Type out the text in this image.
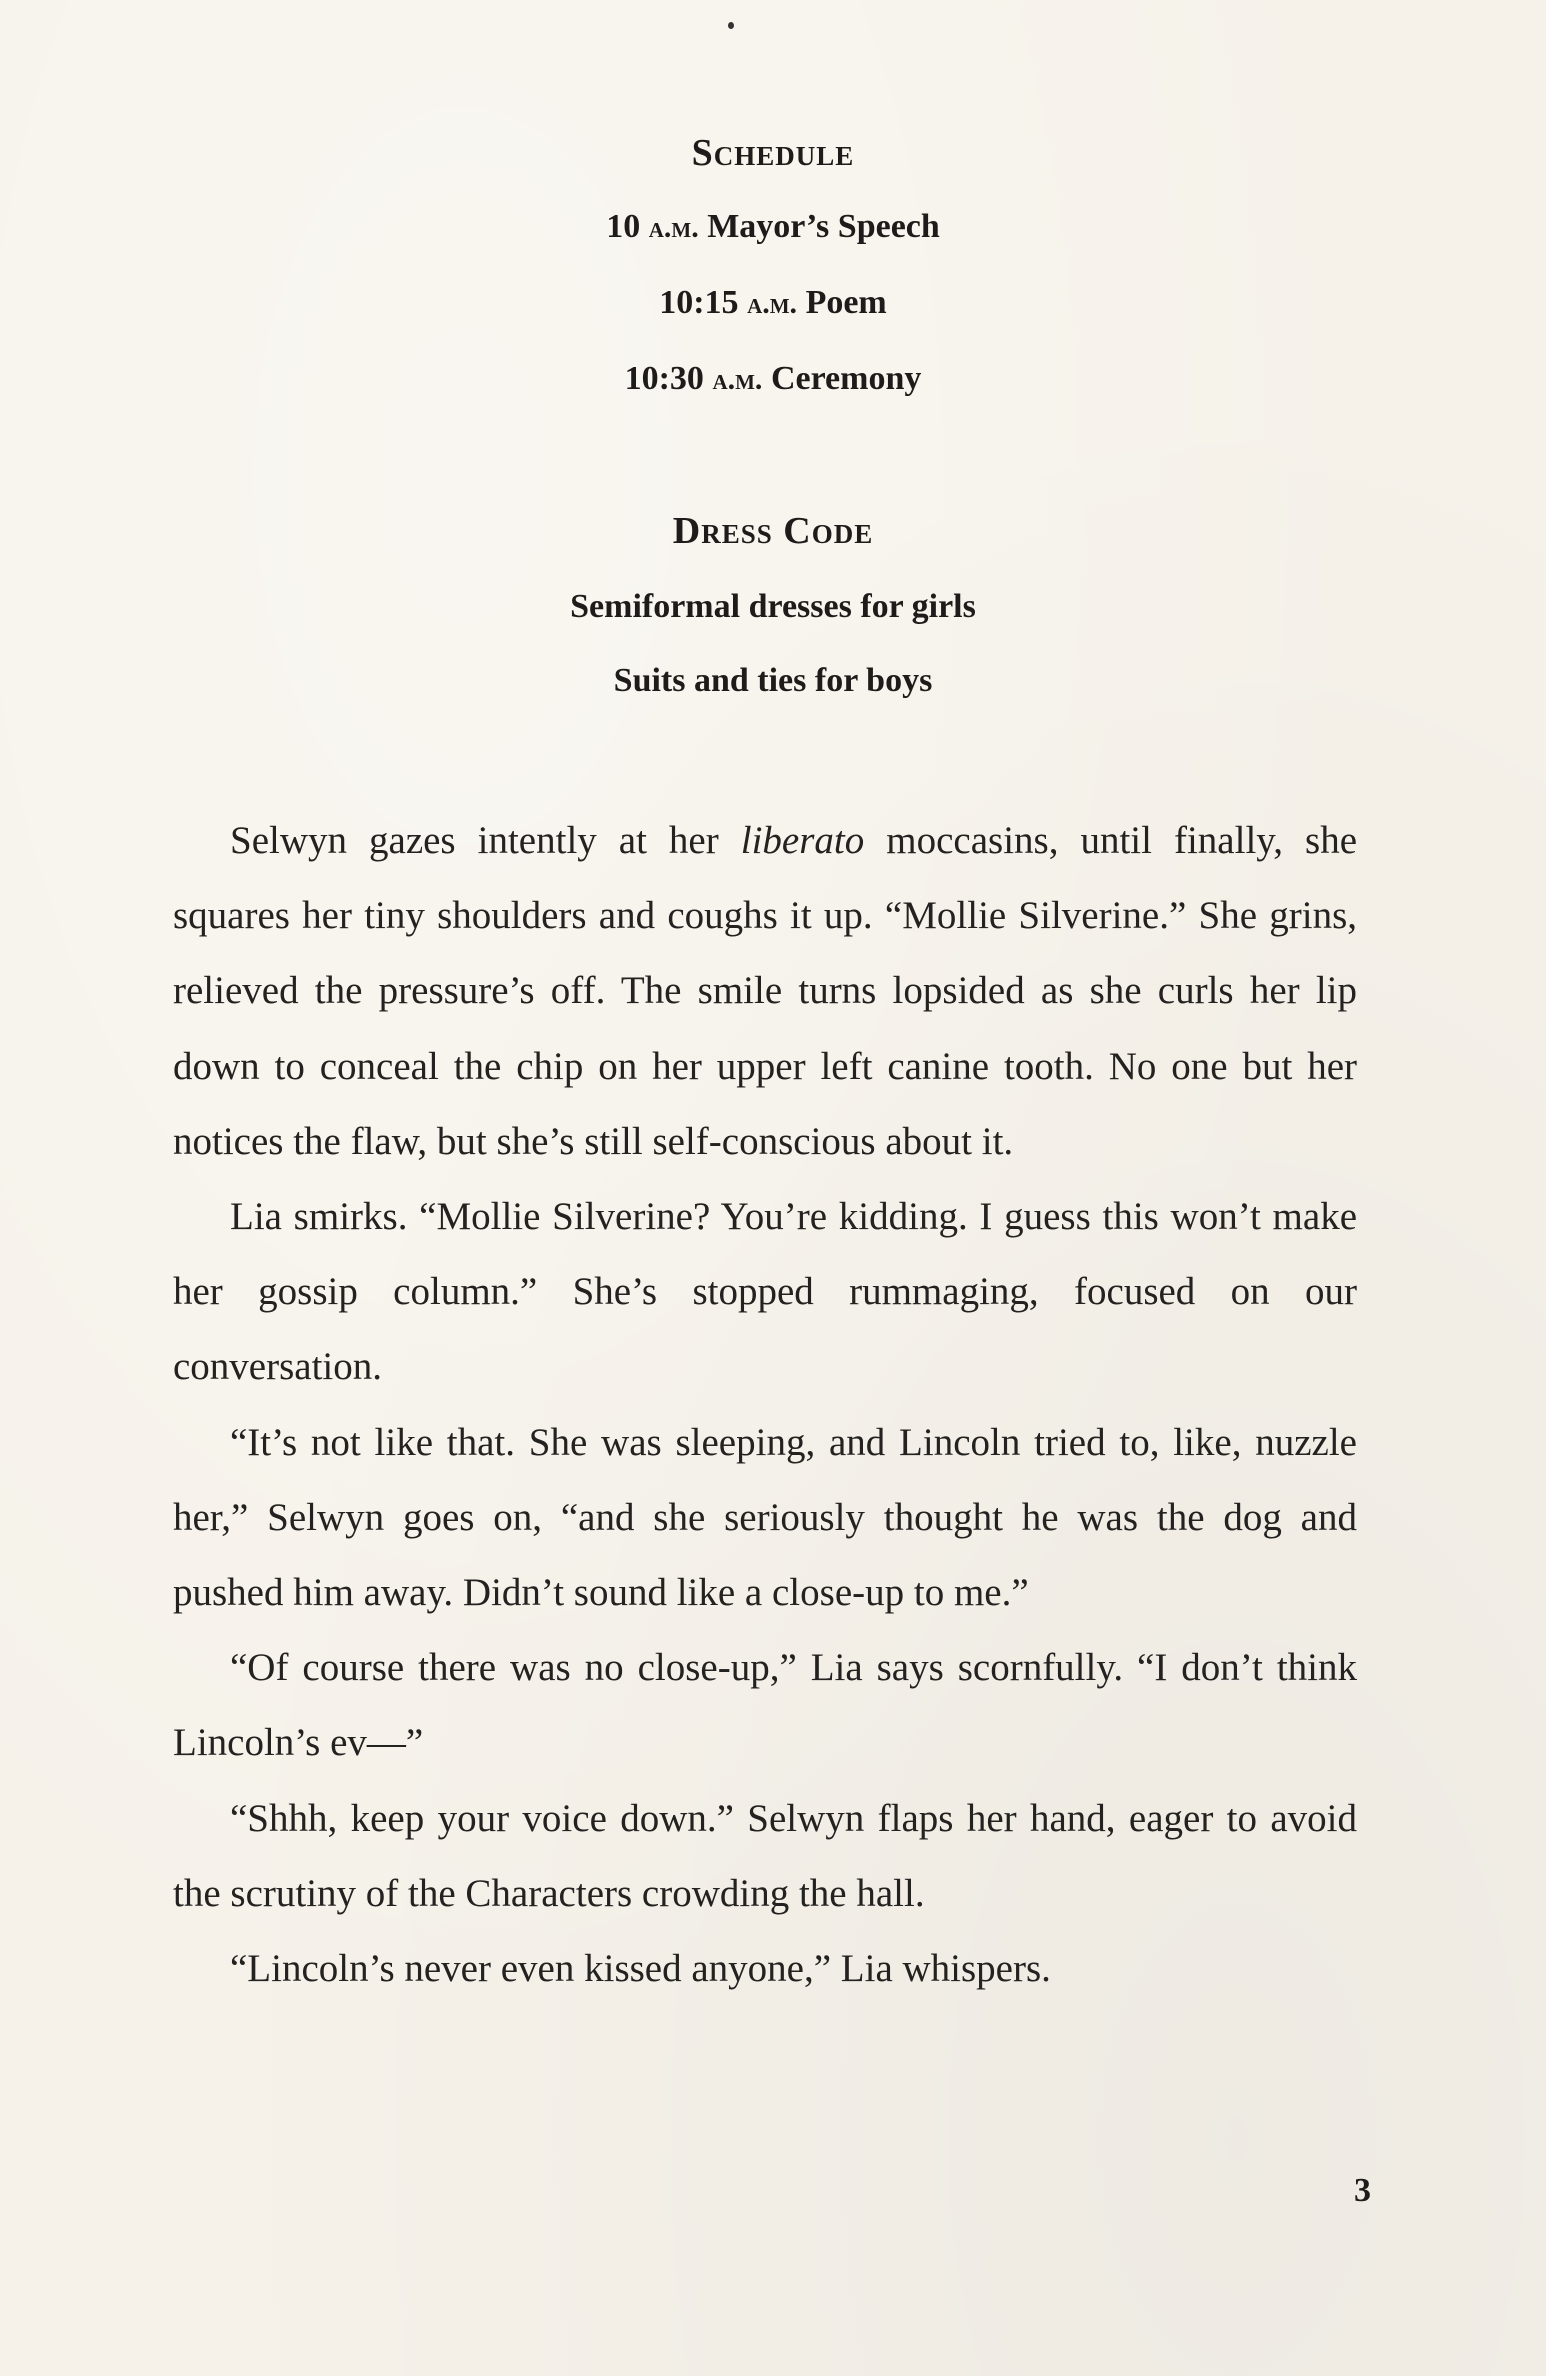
Schedule

10 a.m. Mayor’s Speech

10:15 a.m. Poem

10:30 a.m. Ceremony

Dress Code

Semiformal dresses for girls

Suits and ties for boys

Selwyn gazes intently at her liberato moccasins, until finally, she squares her tiny shoulders and coughs it up. “Mollie Silverine.” She grins, relieved the pressure’s off. The smile turns lopsided as she curls her lip down to conceal the chip on her upper left canine tooth. No one but her notices the flaw, but she’s still self-conscious about it.

Lia smirks. “Mollie Silverine? You’re kidding. I guess this won’t make her gossip column.” She’s stopped rummaging, focused on our conversation.

“It’s not like that. She was sleeping, and Lincoln tried to, like, nuzzle her,” Selwyn goes on, “and she seriously thought he was the dog and pushed him away. Didn’t sound like a close-up to me.”

“Of course there was no close-up,” Lia says scornfully. “I don’t think Lincoln’s ev—”

“Shhh, keep your voice down.” Selwyn flaps her hand, eager to avoid the scrutiny of the Characters crowding the hall.

“Lincoln’s never even kissed anyone,” Lia whispers.

3
